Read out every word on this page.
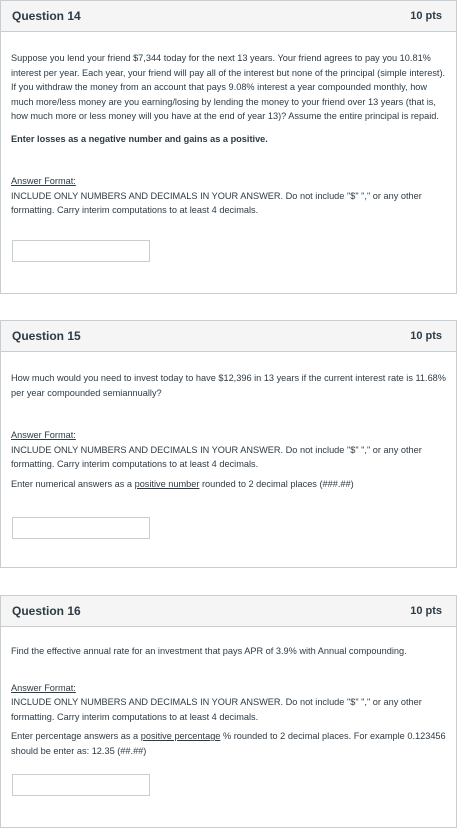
Question 14	10 pts

Suppose you lend your friend $7,344 today for the next 13 years. Your friend agrees to pay you 10.81% interest per year. Each year, your friend will pay all of the interest but none of the principal (simple interest). If you withdraw the money from an account that pays 9.08% interest a year compounded monthly, how much more/less money are you earning/losing by lending the money to your friend over 13 years (that is, how much more or less money will you have at the end of year 13)? Assume the entire principal is repaid.

Enter losses as a negative number and gains as a positive.

Answer Format:

INCLUDE ONLY NUMBERS AND DECIMALS IN YOUR ANSWER. Do not include "$" "," or any other formatting. Carry interim computations to at least 4 decimals.

Question 15	10 pts

How much would you need to invest today to have $12,396 in 13 years if the current interest rate is 11.68% per year compounded semiannually?

Answer Format:

INCLUDE ONLY NUMBERS AND DECIMALS IN YOUR ANSWER. Do not include "$" "," or any other formatting. Carry interim computations to at least 4 decimals.

Enter numerical answers as a positive number rounded to 2 decimal places (###.##)

Question 16	10 pts

Find the effective annual rate for an investment that pays APR of 3.9% with Annual compounding.

Answer Format:

INCLUDE ONLY NUMBERS AND DECIMALS IN YOUR ANSWER. Do not include "$" "," or any other formatting. Carry interim computations to at least 4 decimals.

Enter percentage answers as a positive percentage % rounded to 2 decimal places. For example 0.123456 should be enter as: 12.35 (##.##)
